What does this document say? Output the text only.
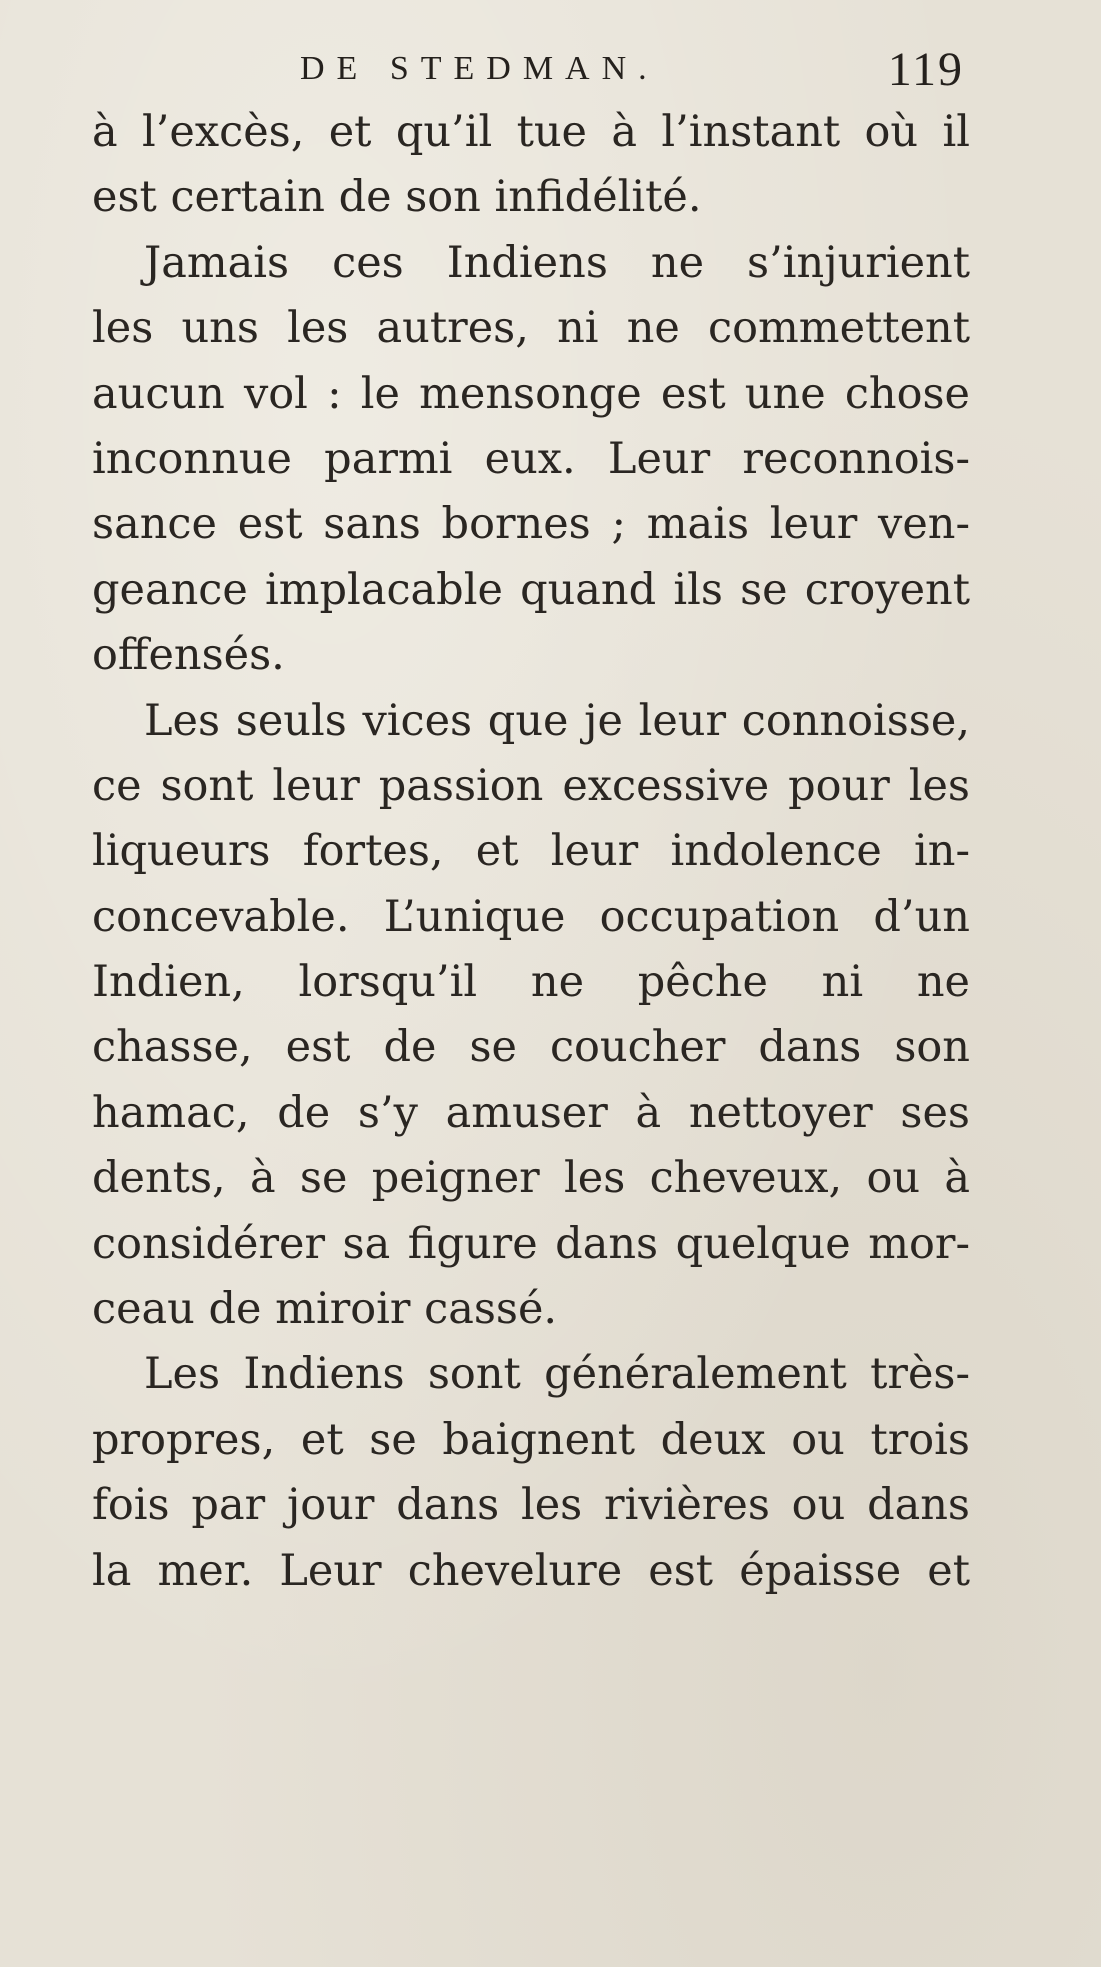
DE STEDMAN.	119
à l’excès, et qu’il tue à l’instant où il
est certain de son infidélité.
Jamais ces Indiens ne s’injurient
les uns les autres, ni ne commettent
aucun vol : le mensonge est une chose
inconnue parmi eux. Leur reconnois-
sance est sans bornes ; mais leur ven-
geance implacable quand ils se croyent
offensés.
Les seuls vices que je leur connoisse,
ce sont leur passion excessive pour les
liqueurs fortes, et leur indolence in-
concevable. L’unique occupation d’un
Indien, lorsqu’il ne pêche ni ne
chasse, est de se coucher dans son
hamac, de s’y amuser à nettoyer ses
dents, à se peigner les cheveux, ou à
considérer sa figure dans quelque mor-
ceau de miroir cassé.
Les Indiens sont généralement très-
propres, et se baignent deux ou trois
fois par jour dans les rivières ou dans
la mer. Leur chevelure est épaisse et
